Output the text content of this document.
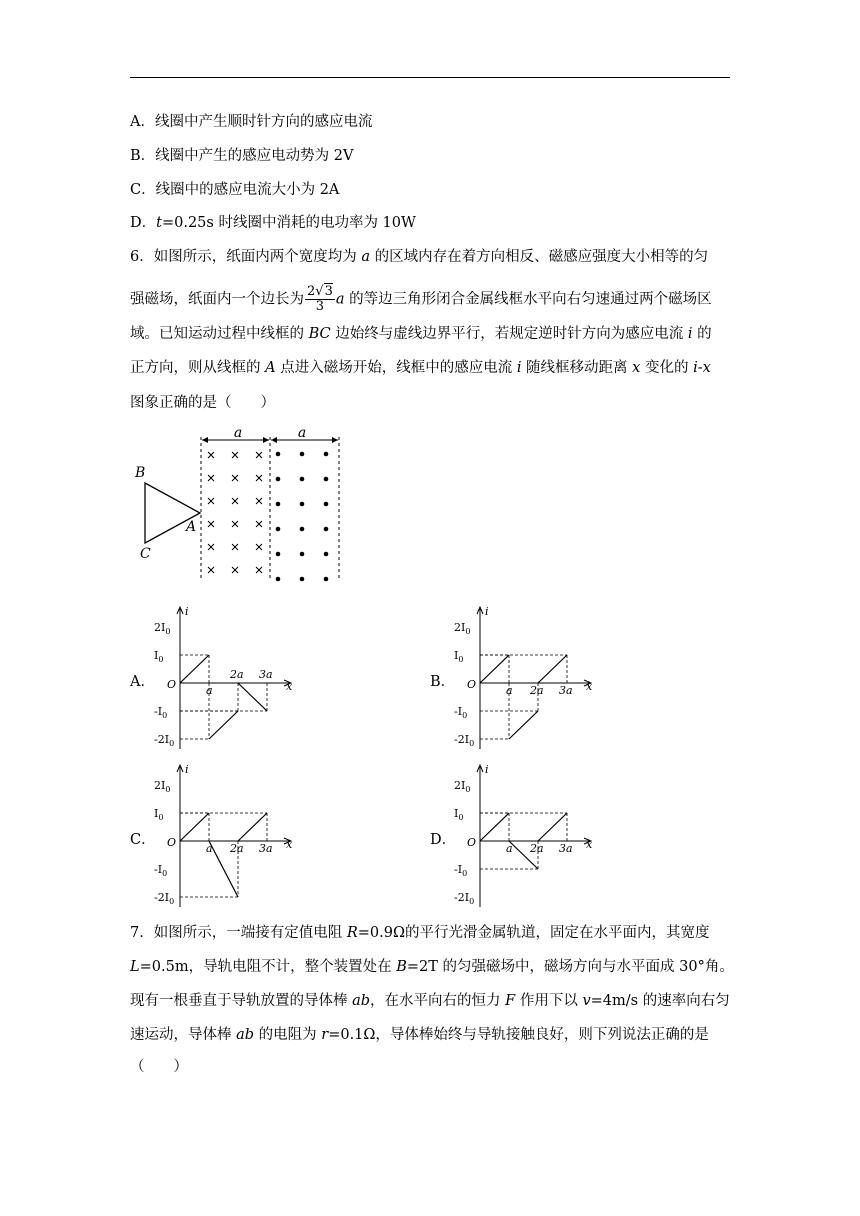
A．线圈中产生顺时针方向的感应电流
B．线圈中产生的感应电动势为 2V
C．线圈中的感应电流大小为 2A
D．t=0.25s 时线圈中消耗的电功率为 10W
6．如图所示，纸面内两个宽度均为 a 的区域内存在着方向相反、磁感应强度大小相等的匀
强磁场，纸面内一个边长为 $\frac{2√3}{3}$ a 的等边三角形闭合金属线框水平向右匀速通过两个磁场区
域。已知运动过程中线框的 BC 边始终与虚线边界平行，若规定逆时针方向为感应电流 i 的
正方向，则从线框的 A 点进入磁场开始，线框中的感应电流 i 随线框移动距离 x 变化的 i-x
图象正确的是（　　）
a	a
B
C
A
A．	B．
C．	D．
i
x
O
$2I_0$
$I_0$
$-I_0$
$-2I_0$
a
2a 3a
i
x
O
$2I_0$
$I_0$
$-I_0$
$-2I_0$
a 2a 3a
i
x
O
$2I_0$
$I_0$
$-I_0$
$-2I_0$
a 2a 3a
i
x
O
$2I_0$
$I_0$
$-I_0$
$-2I_0$
a 2a 3a
7．如图所示，一端接有定值电阻 R=0.9Ω的平行光滑金属轨道，固定在水平面内，其宽度
L=0.5m，导轨电阻不计，整个装置处在 B=2T 的匀强磁场中，磁场方向与水平面成 30°角。
现有一根垂直于导轨放置的导体棒 ab，在水平向右的恒力 F 作用下以 v=4m/s 的速率向右匀
速运动，导体棒 ab 的电阻为 r=0.1Ω，导体棒始终与导轨接触良好，则下列说法正确的是
（　　）
